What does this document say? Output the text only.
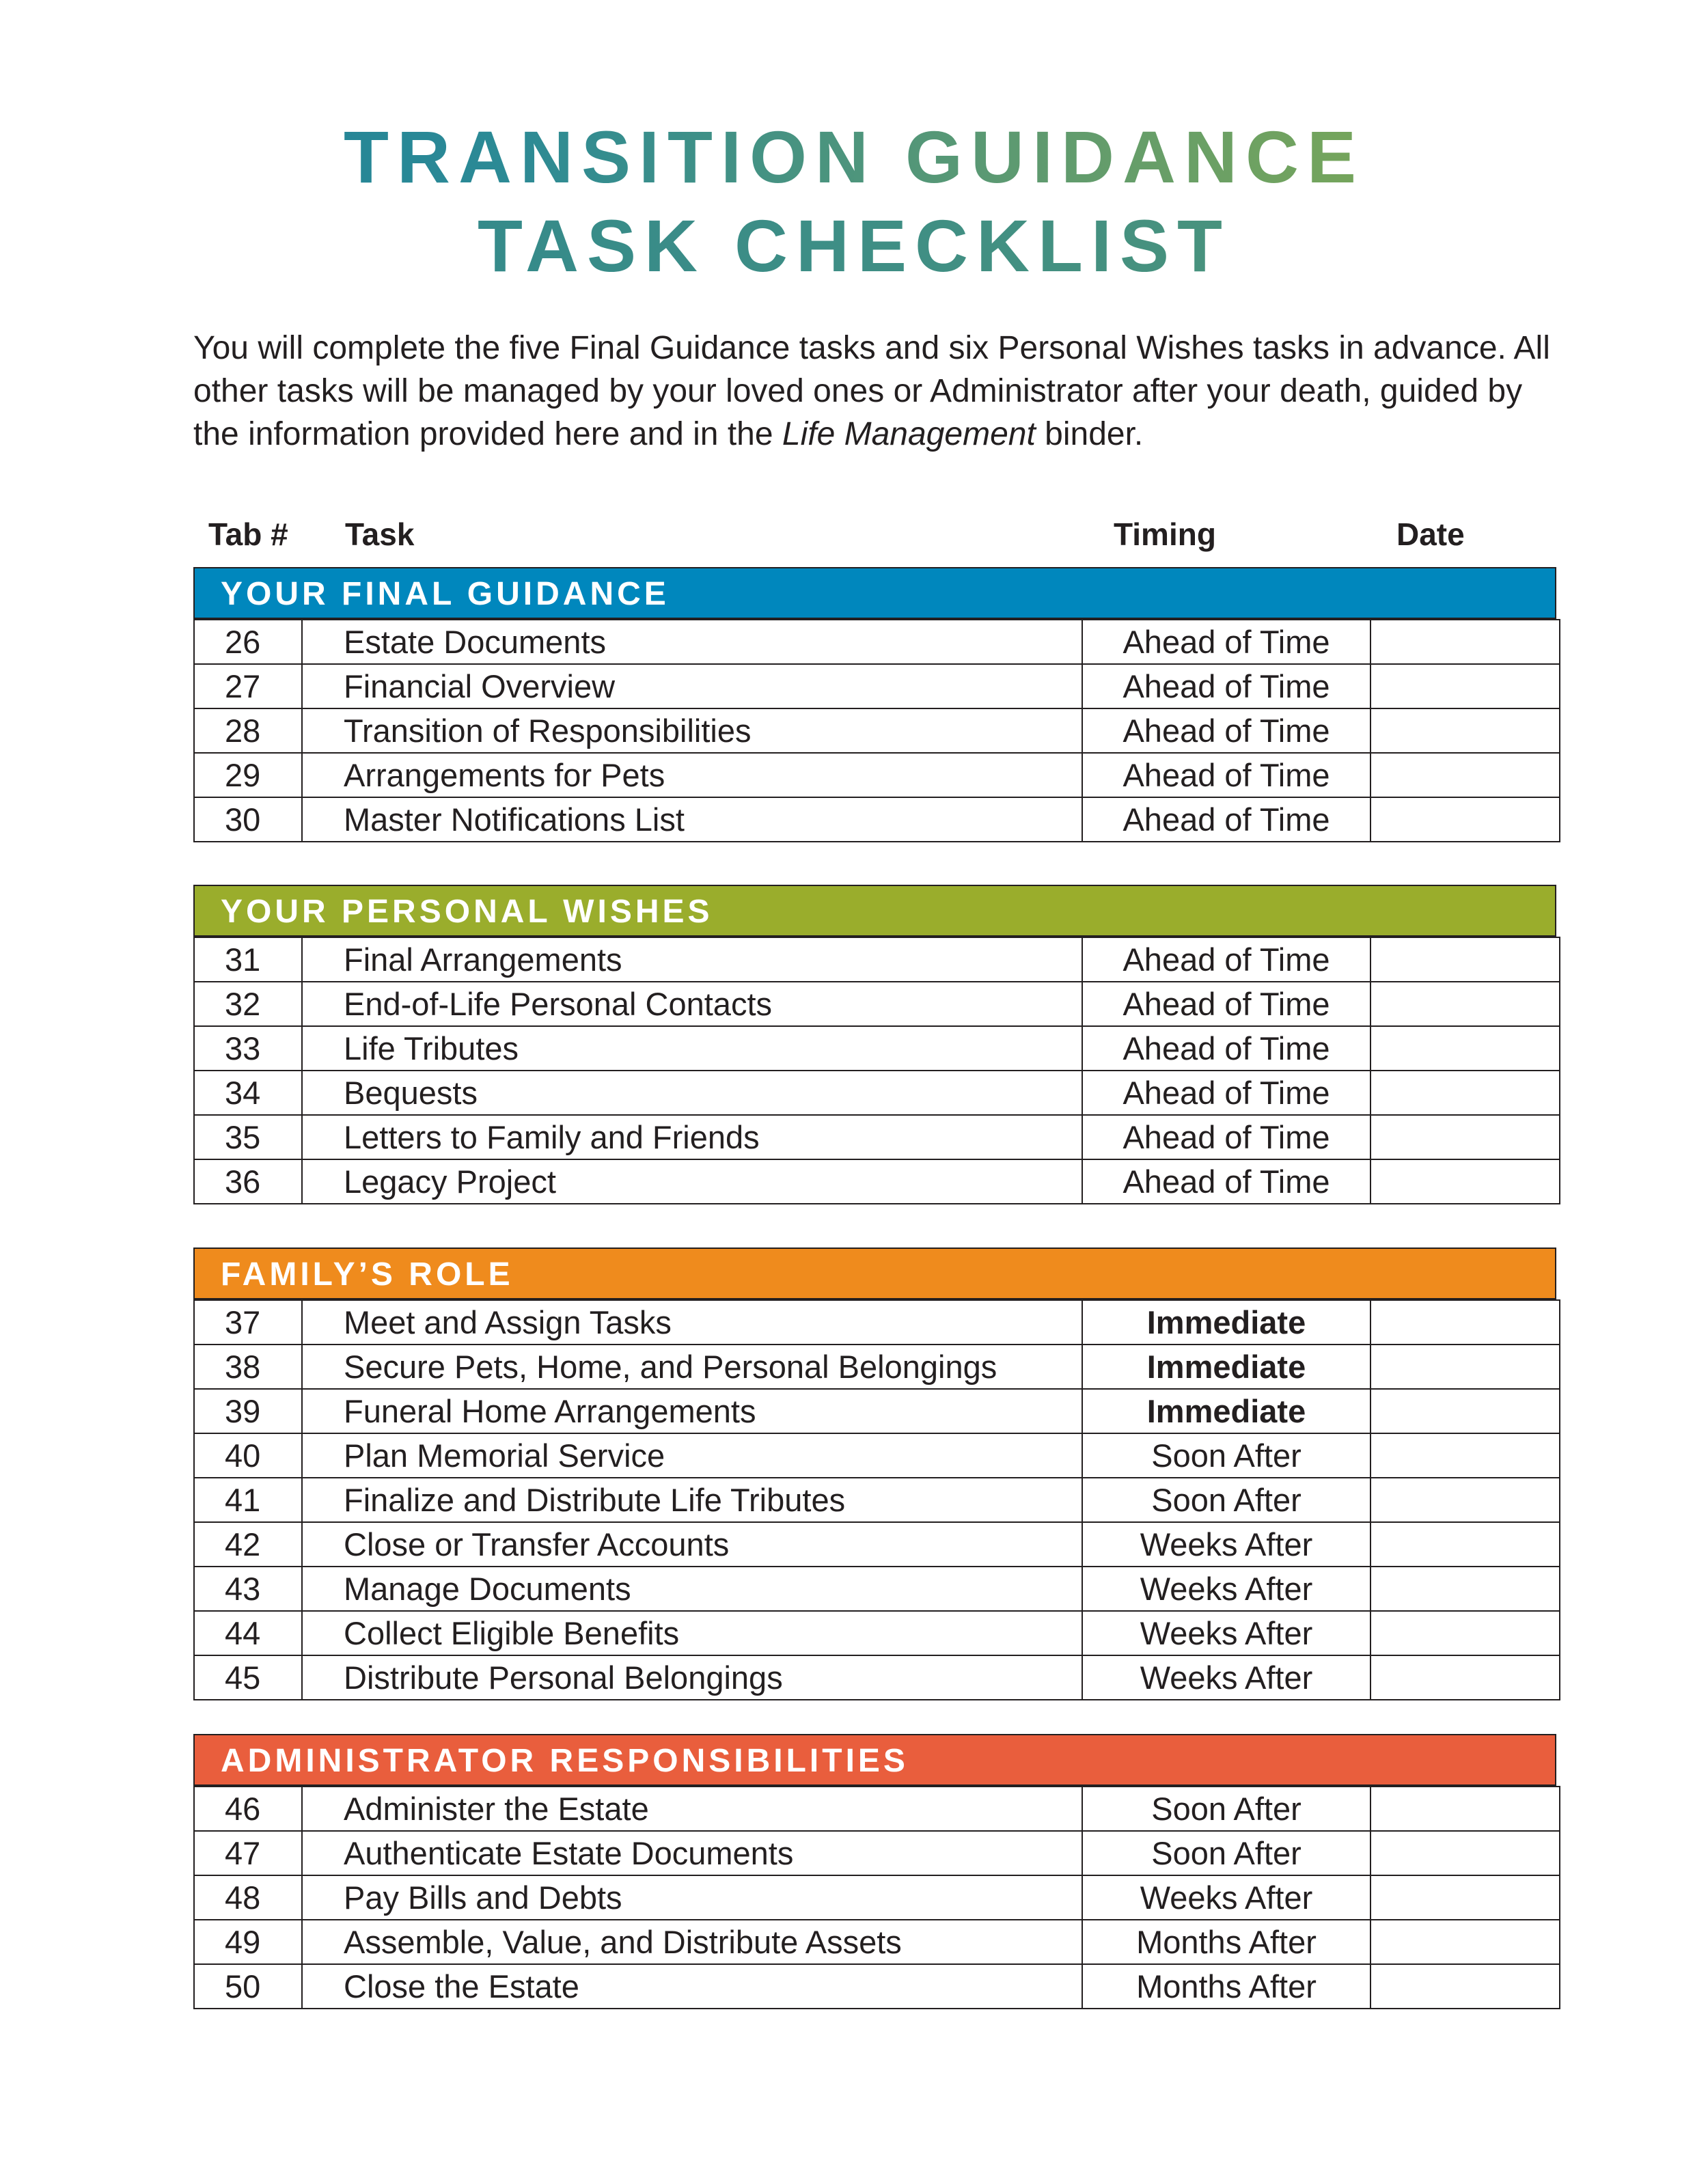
TRANSITION GUIDANCE
TASK CHECKLIST
You will complete the five Final Guidance tasks and six Personal Wishes tasks in advance. All other tasks will be managed by your loved ones or Administrator after your death, guided by the information provided here and in the Life Management binder.
Tab # Task	Timing	Date
YOUR FINAL GUIDANCE
26	Estate Documents	Ahead of Time	
27	Financial Overview	Ahead of Time	
28	Transition of Responsibilities	Ahead of Time	
29	Arrangements for Pets	Ahead of Time	
30	Master Notifications List	Ahead of Time	
YOUR PERSONAL WISHES
31	Final Arrangements	Ahead of Time	
32	End-of-Life Personal Contacts	Ahead of Time	
33	Life Tributes	Ahead of Time	
34	Bequests	Ahead of Time	
35	Letters to Family and Friends	Ahead of Time	
36	Legacy Project	Ahead of Time	
FAMILY’S ROLE
37	Meet and Assign Tasks	Immediate	
38	Secure Pets, Home, and Personal Belongings	Immediate	
39	Funeral Home Arrangements	Immediate	
40	Plan Memorial Service	Soon After	
41	Finalize and Distribute Life Tributes	Soon After	
42	Close or Transfer Accounts	Weeks After	
43	Manage Documents	Weeks After	
44	Collect Eligible Benefits	Weeks After	
45	Distribute Personal Belongings	Weeks After	
ADMINISTRATOR RESPONSIBILITIES
46	Administer the Estate	Soon After	
47	Authenticate Estate Documents	Soon After	
48	Pay Bills and Debts	Weeks After	
49	Assemble, Value, and Distribute Assets	Months After	
50	Close the Estate	Months After	
